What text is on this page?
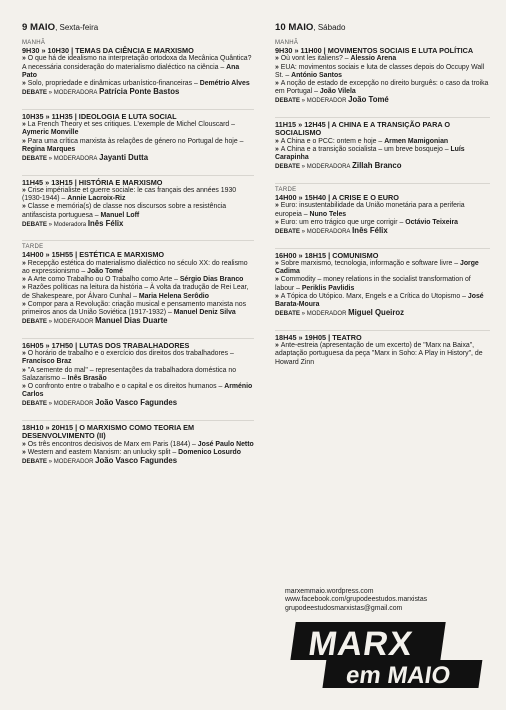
9 MAIO, Sexta-feira
MANHÃ
9H30 » 10H30 | TEMAS DA CIÊNCIA E MARXISMO
» O que há de idealismo na interpretação ortodoxa da Mecânica Quântica? A necessária consideração do materialismo dialéctico na ciência – Ana Pato
» Solo, propriedade e dinâmicas urbanístico-financeiras – Demétrio Alves
DEBATE » MODERADORA Patrícia Ponte Bastos
10H35 » 11H35 | IDEOLOGIA E LUTA SOCIAL
» La French Theory et ses critiques. L'exemple de Michel Clouscard – Aymeric Monville
» Para uma crítica marxista às relações de género no Portugal de hoje – Regina Marques
DEBATE » MODERADORA Jayanti Dutta
11H45 » 13H15 | HISTÓRIA E MARXISMO
» Crise impérialiste et guerre sociale: le cas français des années 1930 (1930-1944) – Annie Lacroix-Riz
» Classe e memória(s) de classe nos discursos sobre a resistência antifascista portuguesa – Manuel Loff
DEBATE » Moderadora Inês Félix
TARDE
14H00 » 15H55 | ESTÉTICA E MARXISMO
» Recepção estética do materialismo dialéctico no século XX: do realismo ao expressionismo – João Tomé
» A Arte como Trabalho ou O Trabalho como Arte – Sérgio Dias Branco
» Razões políticas na leitura da história – À volta da tradução de Rei Lear, de Shakespeare, por Álvaro Cunhal – Maria Helena Serôdio
» Compor para a Revolução: criação musical e pensamento marxista nos primeiros anos da União Soviética (1917-1932) – Manuel Deniz Silva
DEBATE » MODERADOR Manuel Dias Duarte
16H05 » 17H50 | LUTAS DOS TRABALHADORES
» O horário de trabalho e o exercício dos direitos dos trabalhadores – Francisco Braz
» "A semente do mal" – representações da trabalhadora doméstica no Salazarismo – Inês Brasão
» O confronto entre o trabalho e o capital e os direitos humanos – Arménio Carlos
DEBATE » MODERADOR João Vasco Fagundes
18H10 » 20H15 | O MARXISMO COMO TEORIA EM DESENVOLVIMENTO (II)
» Os três encontros decisivos de Marx em Paris (1844) – José Paulo Netto
» Western and eastern Marxism: an unlucky split – Domenico Losurdo
DEBATE » MODERADOR João Vasco Fagundes
10 MAIO, Sábado
MANHÃ
9H30 » 11H00 | MOVIMENTOS SOCIAIS E LUTA POLÍTICA
» Où vont les italiens? – Alessio Arena
» EUA: movimentos sociais e luta de classes depois do Occupy Wall St. – António Santos
» A noção de estado de excepção no direito burguês: o caso da troika em Portugal – João Vilela
DEBATE » MODERADOR João Tomé
11H15 » 12H45 | A CHINA E A TRANSIÇÃO PARA O SOCIALISMO
» A China e o PCC: ontem e hoje – Armen Mamigonian
» A China e a transição socialista – um breve bosquejo – Luís Carapinha
DEBATE » MODERADORA Zillah Branco
TARDE
14H00 » 15H40 | A CRISE E O EURO
» Euro: insustentabilidade da União monetária para a periferia europeia – Nuno Teles
» Euro: um erro trágico que urge corrigir – Octávio Teixeira
DEBATE » MODERADORA Inês Félix
16H00 » 18H15 | COMUNISMO
» Sobre marxismo, tecnologia, informação e software livre – Jorge Cadima
» Commodity – money relations in the socialist transformation of labour – Periklis Pavlidis
» A Tópica do Utópico. Marx, Engels e a Crítica do Utopismo – José Barata-Moura
DEBATE » MODERADOR Miguel Queiroz
18H45 » 19H05 | TEATRO
» Ante-estreia (apresentação de um excerto) de "Marx na Baixa", adaptação portuguesa da peça "Marx in Soho: A Play in History", de Howard Zinn
marxemmaio.wordpress.com
www.facebook.com/grupodeestudos.marxistas
grupodeestudosmarxistas@gmail.com
MARX
em MAIO
